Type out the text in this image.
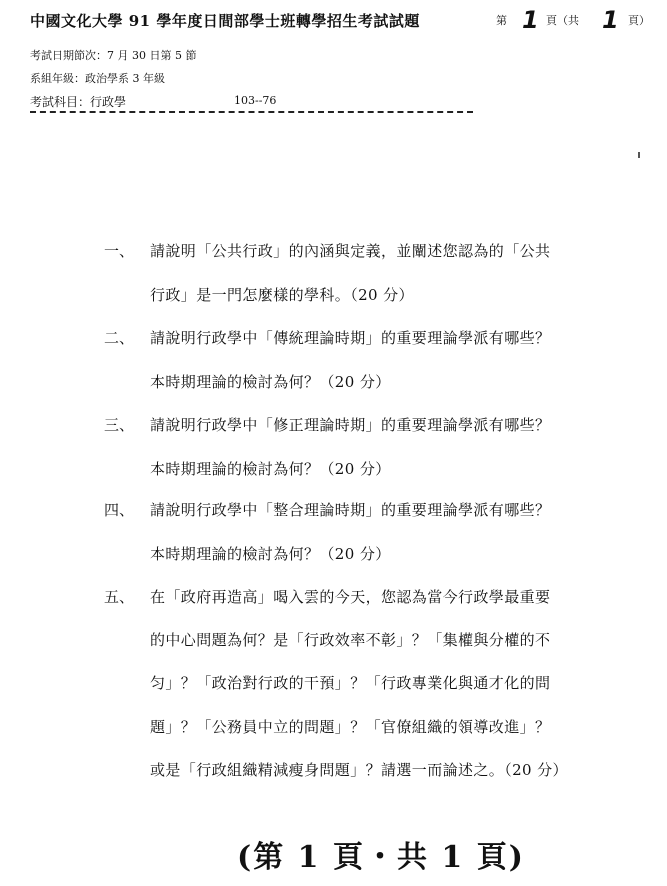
中國文化大學 91 學年度日間部學士班轉學招生考試試題	第 1 頁（共 1 頁）
考試日期節次：7 月 30 日第 5 節
系組年級：政治學系 3 年級
考試科目：行政學	103--76
一、 請說明「公共行政」的內涵與定義，並闡述您認為的「公共
行政」是一門怎麼樣的學科。（20 分）
二、 請說明行政學中「傳統理論時期」的重要理論學派有哪些？
本時期理論的檢討為何？（20 分）
三、 請說明行政學中「修正理論時期」的重要理論學派有哪些？
本時期理論的檢討為何？（20 分）
四、 請說明行政學中「整合理論時期」的重要理論學派有哪些？
本時期理論的檢討為何？（20 分）
五、 在「政府再造高」喝入雲的今天，您認為當今行政學最重要
的中心問題為何？是「行政效率不彰」？「集權與分權的不
匀」？「政治對行政的干預」？「行政專業化與通才化的問
題」？「公務員中立的問題」？「官僚組織的領導改進」？
或是「行政組織精減瘦身問題」？請選一而論述之。（20 分）
(第 1 頁・共 1 頁)
